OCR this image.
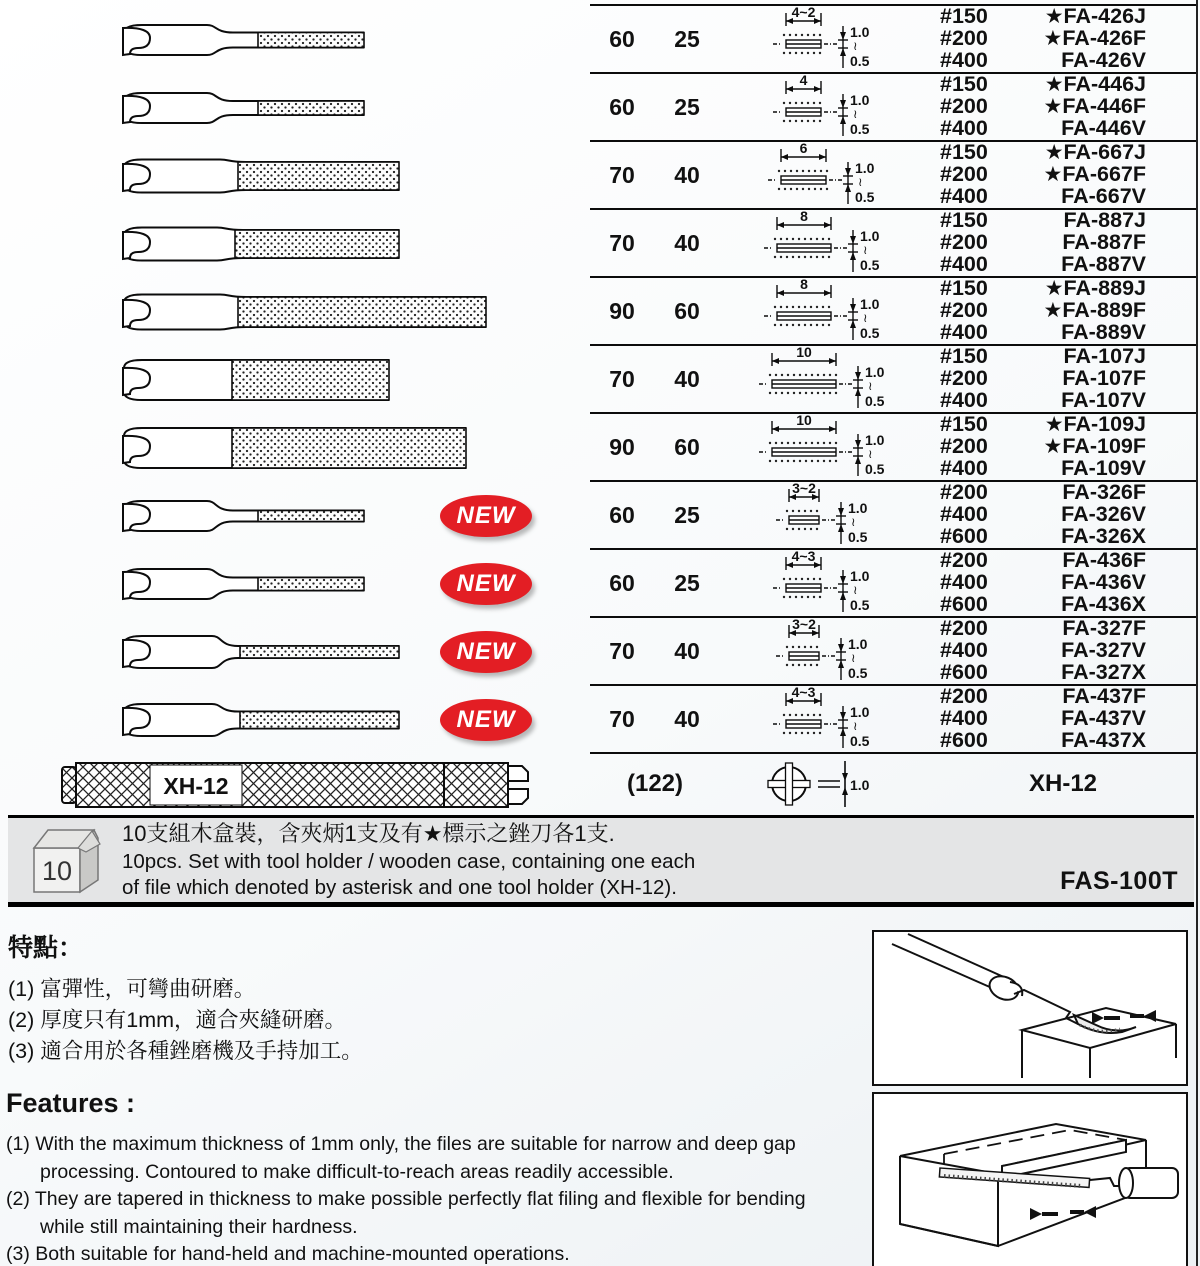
60	25
4~2
1.0
≀
0.5
#150	★FA-426J
#200	★FA-426F
#400	FA-426V
60	25
4
1.0
≀
0.5
#150	★FA-446J
#200	★FA-446F
#400	FA-446V
70	40
6
1.0
≀
0.5
#150	★FA-667J
#200	★FA-667F
#400	FA-667V
70	40
8
1.0
≀
0.5
#150	FA-887J
#200	FA-887F
#400	FA-887V
90	60
8
1.0
≀
0.5
#150	★FA-889J
#200	★FA-889F
#400	FA-889V
70	40
10
1.0
≀
0.5
#150	FA-107J
#200	FA-107F
#400	FA-107V
90	60
10
1.0
≀
0.5
#150	★FA-109J
#200	★FA-109F
#400	FA-109V
NEW	60	25
3~2
1.0
≀
0.5
#200	FA-326F
#400	FA-326V
#600	FA-326X
NEW	60	25
4~3
1.0
≀
0.5
#200	FA-436F
#400	FA-436V
#600	FA-436X
NEW	70	40
3~2
1.0
≀
0.5
#200	FA-327F
#400	FA-327V
#600	FA-327X
NEW	70	40
4~3
1.0
≀
0.5
#200	FA-437F
#400	FA-437V
#600	FA-437X
XH-12	(122)	1.0	XH-12
10
10支組木盒裝，含夾炳1支及有★標示之銼刀各1支.
10pcs. Set with tool holder / wooden case, containing one each
of file which denoted by asterisk and one tool holder (XH-12).	FAS-100T
特點：
(1) 富彈性，可彎曲研磨。
(2) 厚度只有1mm，適合夾縫研磨。
(3) 適合用於各種銼磨機及手持加工。
Features :
(1) With the maximum thickness of 1mm only, the files are suitable for narrow and deep gap processing. Contoured to make difficult-to-reach areas readily accessible.
(2) They are tapered in thickness to make possible perfectly flat filing and flexible for bending while still maintaining their hardness.
(3) Both suitable for hand-held and machine-mounted operations.
